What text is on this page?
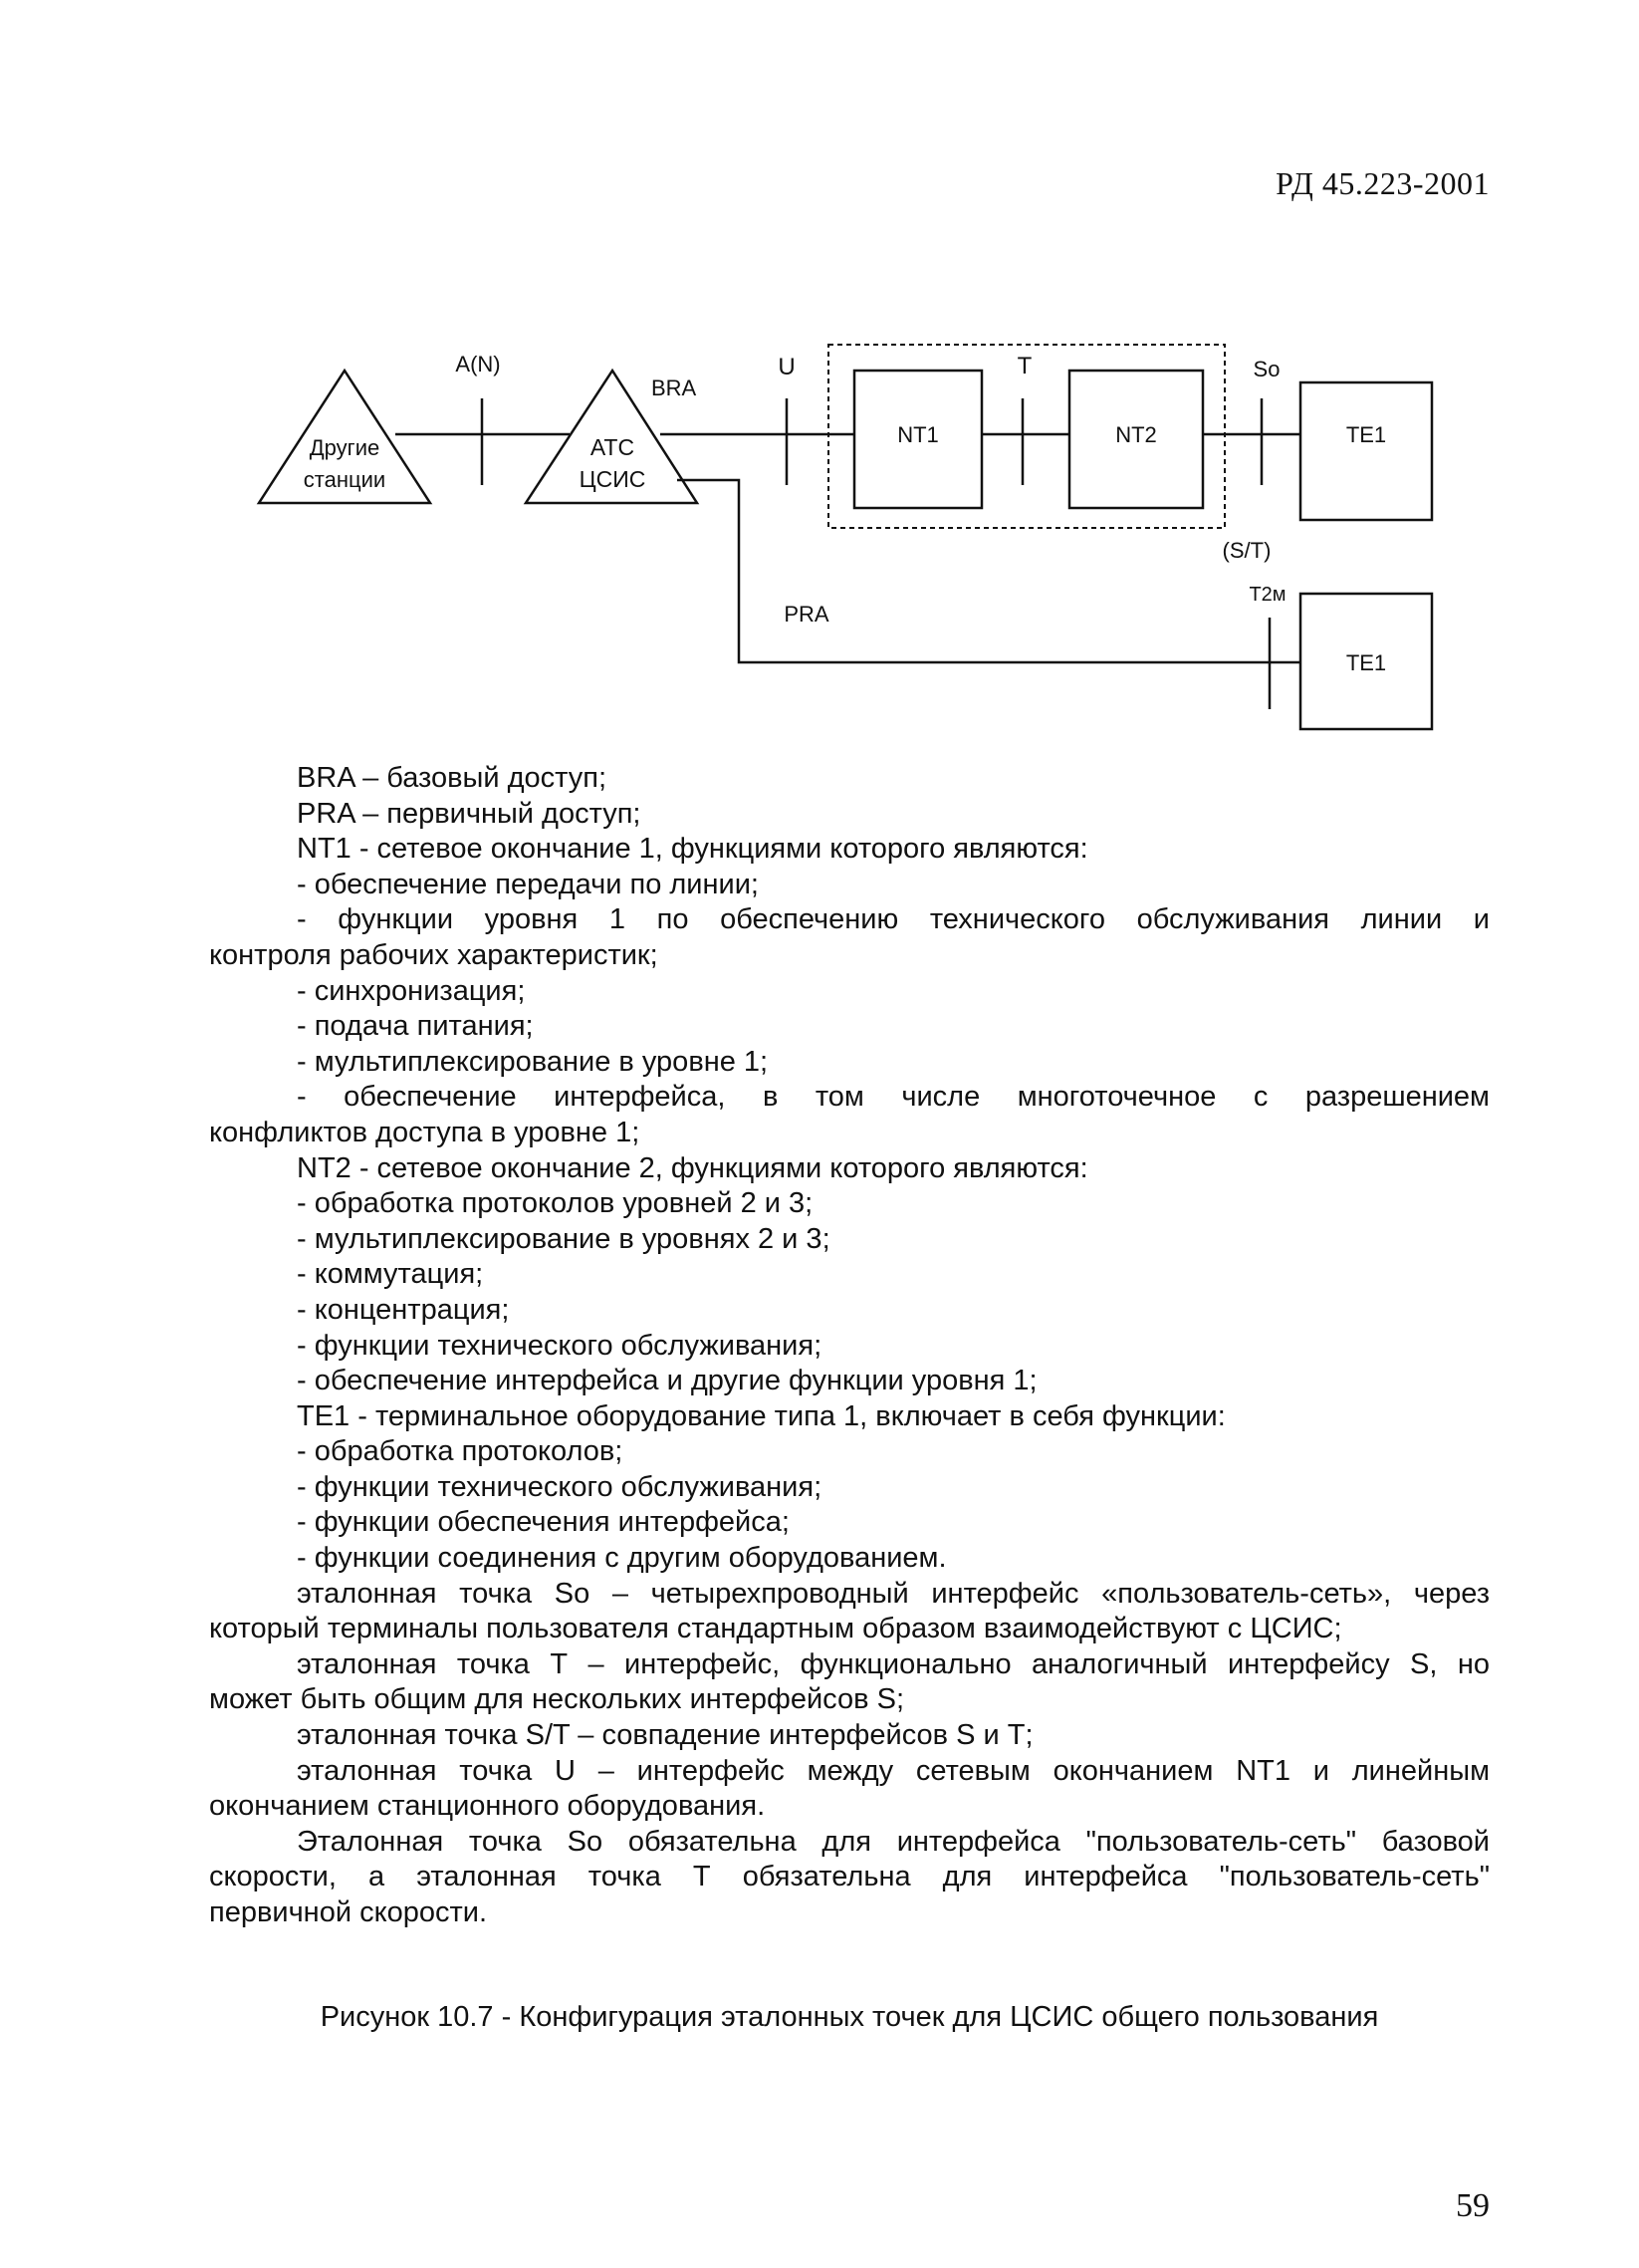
РД 45.223-2001
Другие
станции
АТС
ЦСИС
A(N)
BRA
U
NT1
T
NT2
So
TE1
(S/T)
T2м
PRA
TE1

BRA – базовый доступ;

PRA – первичный доступ;

NT1 - сетевое окончание 1, функциями которого являются:

- обеспечение передачи по линии;

- функции уровня 1 по обеспечению технического обслуживания линии и

контроля рабочих характеристик;

- синхронизация;

- подача питания;

- мультиплексирование в уровне 1;

- обеспечение интерфейса, в том числе многоточечное с разрешением

конфликтов доступа в уровне 1;

NT2 - сетевое окончание 2, функциями которого являются:

- обработка протоколов уровней 2 и 3;

- мультиплексирование в уровнях 2 и 3;

- коммутация;

- концентрация;

- функции технического обслуживания;

- обеспечение интерфейса и другие функции уровня 1;

TE1 - терминальное оборудование типа 1, включает в себя функции:

- обработка протоколов;

- функции технического обслуживания;

- функции обеспечения интерфейса;

- функции соединения с другим оборудованием.

эталонная точка So – четырехпроводный интерфейс «пользователь-сеть», через

который терминалы пользователя стандартным образом взаимодействуют с ЦСИС;

эталонная точка Т – интерфейс, функционально аналогичный интерфейсу S, но

может быть общим для нескольких интерфейсов S;

эталонная точка S/T – совпадение интерфейсов S и Т;

эталонная точка U – интерфейс между сетевым окончанием NT1 и линейным

окончанием станционного оборудования.

Эталонная точка So обязательна для интерфейса "пользователь-сеть" базовой

скорости, а эталонная точка Т обязательна для интерфейса "пользователь-сеть"

первичной скорости.

Рисунок 10.7 - Конфигурация эталонных точек для ЦСИС общего пользования
59
